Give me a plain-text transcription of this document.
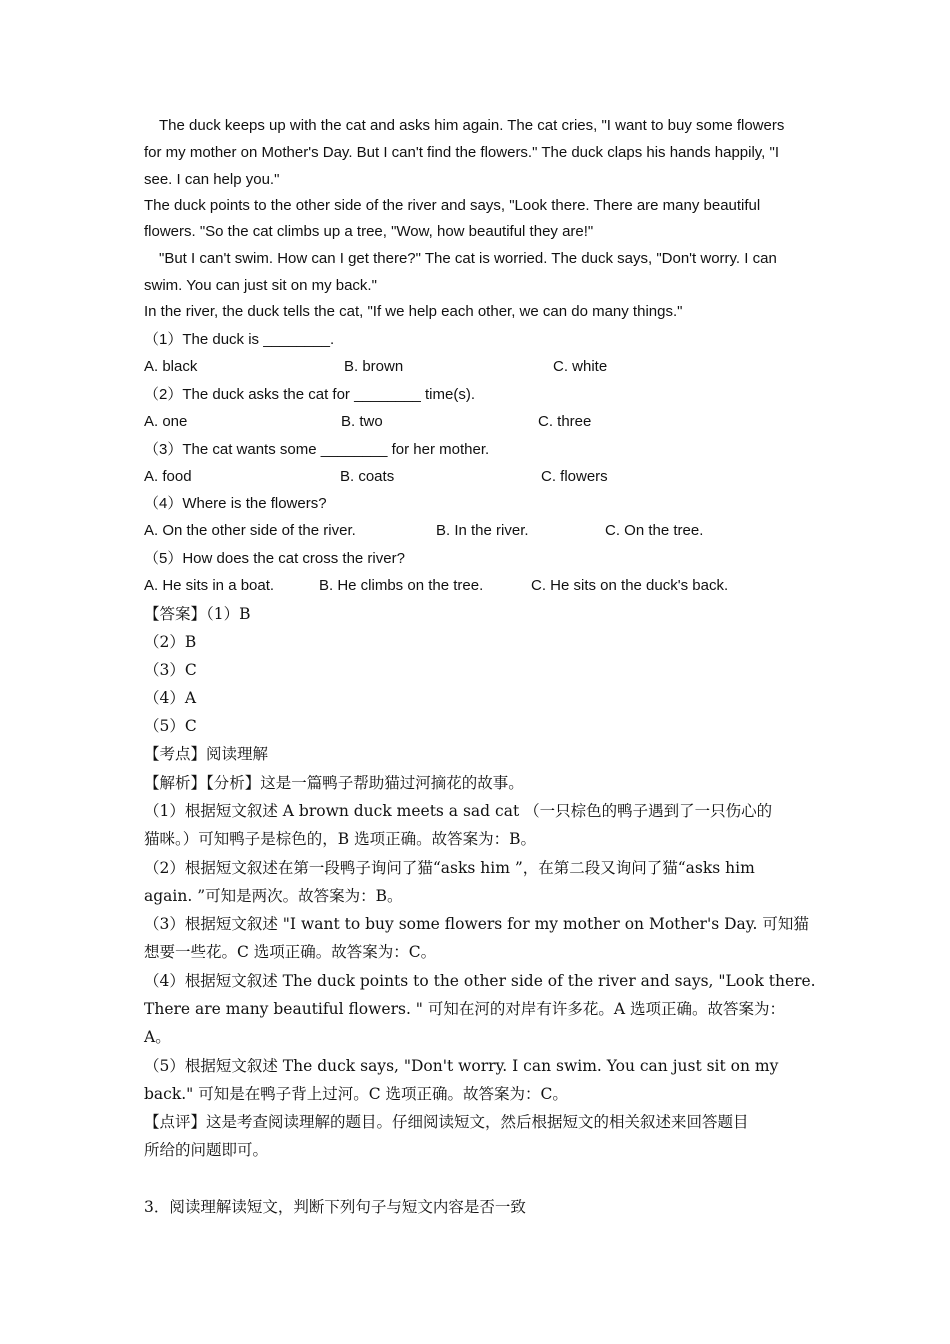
The duck keeps up with the cat and asks him again. The cat cries, "I want to buy some flowers
for my mother on Mother's Day. But I can't find the flowers." The duck claps his hands happily, "I
see. I can help you."
The duck points to the other side of the river and says, "Look there. There are many beautiful
flowers. "So the cat climbs up a tree, "Wow, how beautiful they are!"
"But I can't swim. How can I get there?" The cat is worried. The duck says, "Don't worry. I can
swim. You can just sit on my back."
In the river, the duck tells the cat, "If we help each other, we can do many things."
（1）The duck is ________.
A. black	B. brown	C. white
（2）The duck asks the cat for ________ time(s).
A. one	B. two	C. three
（3）The cat wants some ________ for her mother.
A. food	B. coats	C. flowers
（4）Where is the flowers?
A. On the other side of the river.	B. In the river.	C. On the tree.
（5）How does the cat cross the river?
A. He sits in a boat.	B. He climbs on the tree.	C. He sits on the duck's back.
【答案】（1）B
（2）B
（3）C
（4）A
（5）C
【考点】阅读理解
【解析】【分析】这是一篇鸭子帮助猫过河摘花的故事。
（1）根据短文叙述 A brown duck meets a sad cat （一只棕色的鸭子遇到了一只伤心的
猫咪。）可知鸭子是棕色的，B 选项正确。故答案为：B。
（2）根据短文叙述在第一段鸭子询问了猫“asks him ”，在第二段又询问了猫“asks him
again. ”可知是两次。故答案为：B。
（3）根据短文叙述 "I want to buy some flowers for my mother on Mother's Day. 可知猫
想要一些花。C 选项正确。故答案为：C。
（4）根据短文叙述 The duck points to the other side of the river and says, "Look there.
There are many beautiful flowers. " 可知在河的对岸有许多花。A 选项正确。故答案为：
A。
（5）根据短文叙述 The duck says, "Don't worry. I can swim. You can just sit on my
back." 可知是在鸭子背上过河。C 选项正确。故答案为：C。
【点评】这是考查阅读理解的题目。仔细阅读短文，然后根据短文的相关叙述来回答题目
所给的问题即可。
3．阅读理解读短文，判断下列句子与短文内容是否一致
